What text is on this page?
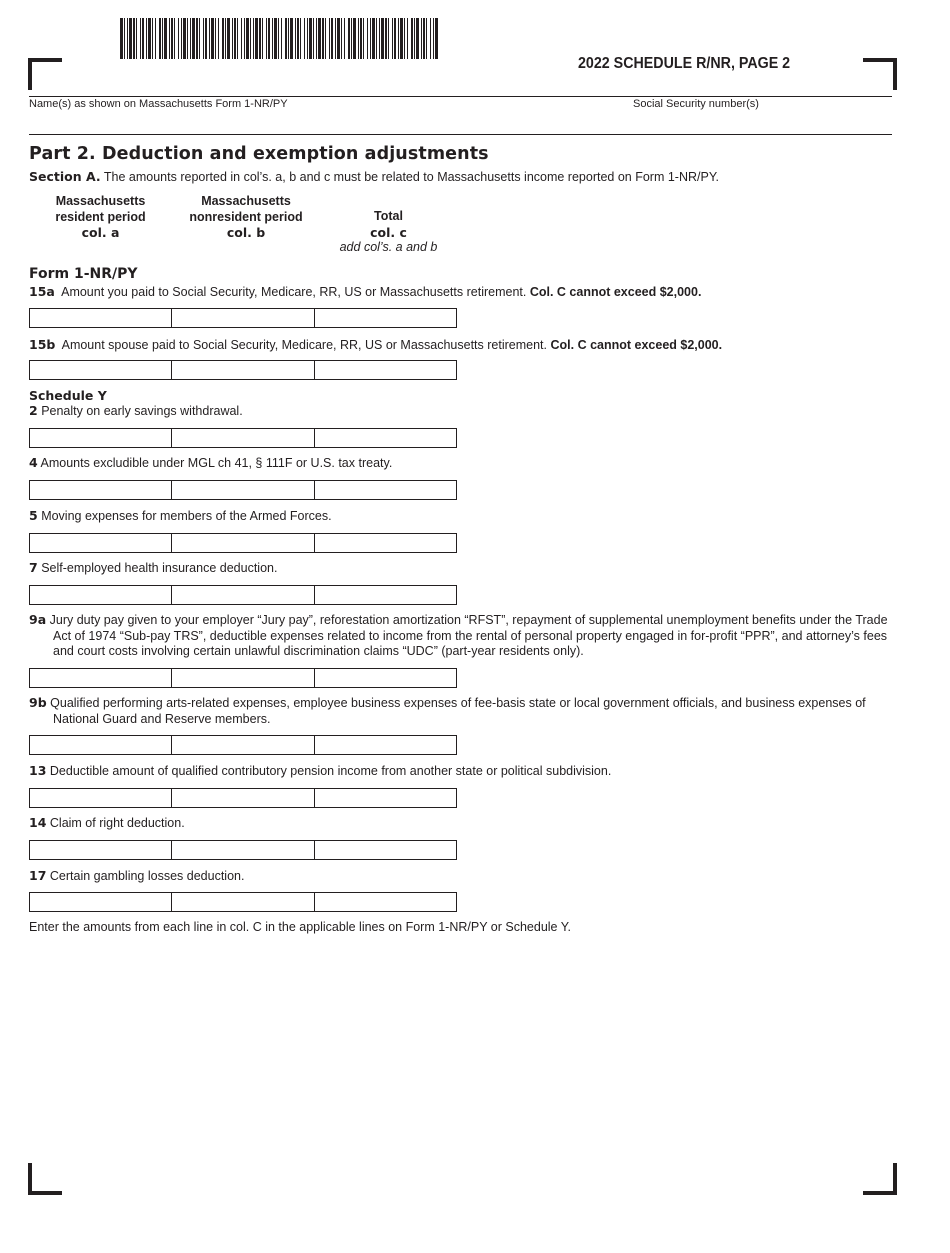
2022 SCHEDULE R/NR, PAGE 2
Name(s) as shown on Massachusetts Form 1-NR/PY	Social Security number(s)
Part 2. Deduction and exemption adjustments
Section A. The amounts reported in col’s. a, b and c must be related to Massachusetts income reported on Form 1-NR/PY.
Massachusetts
resident period
col. a
Massachusetts
nonresident period
col. b
Total
col. c
add col’s. a and b
Form 1-NR/PY
15a Amount you paid to Social Security, Medicare, RR, US or Massachusetts retirement. Col. C cannot exceed $2,000.
15b Amount spouse paid to Social Security, Medicare, RR, US or Massachusetts retirement. Col. C cannot exceed $2,000.
Schedule Y
2 Penalty on early savings withdrawal.
4 Amounts excludible under MGL ch 41, § 111F or U.S. tax treaty.
5 Moving expenses for members of the Armed Forces.
7 Self-employed health insurance deduction.
9a Jury duty pay given to your employer “Jury pay”, reforestation amortization “RFST”, repayment of supplemental unemployment benefits under the Trade Act of 1974 “Sub-pay TRS”, deductible expenses related to income from the rental of personal property engaged in for-profit “PPR”, and attorney’s fees and court costs involving certain unlawful discrimination claims “UDC” (part-year residents only).
9b Qualified performing arts-related expenses, employee business expenses of fee-basis state or local government officials, and business expenses of National Guard and Reserve members.
13 Deductible amount of qualified contributory pension income from another state or political subdivision.
14 Claim of right deduction.
17 Certain gambling losses deduction.
Enter the amounts from each line in col. C in the applicable lines on Form 1-NR/PY or Schedule Y.
